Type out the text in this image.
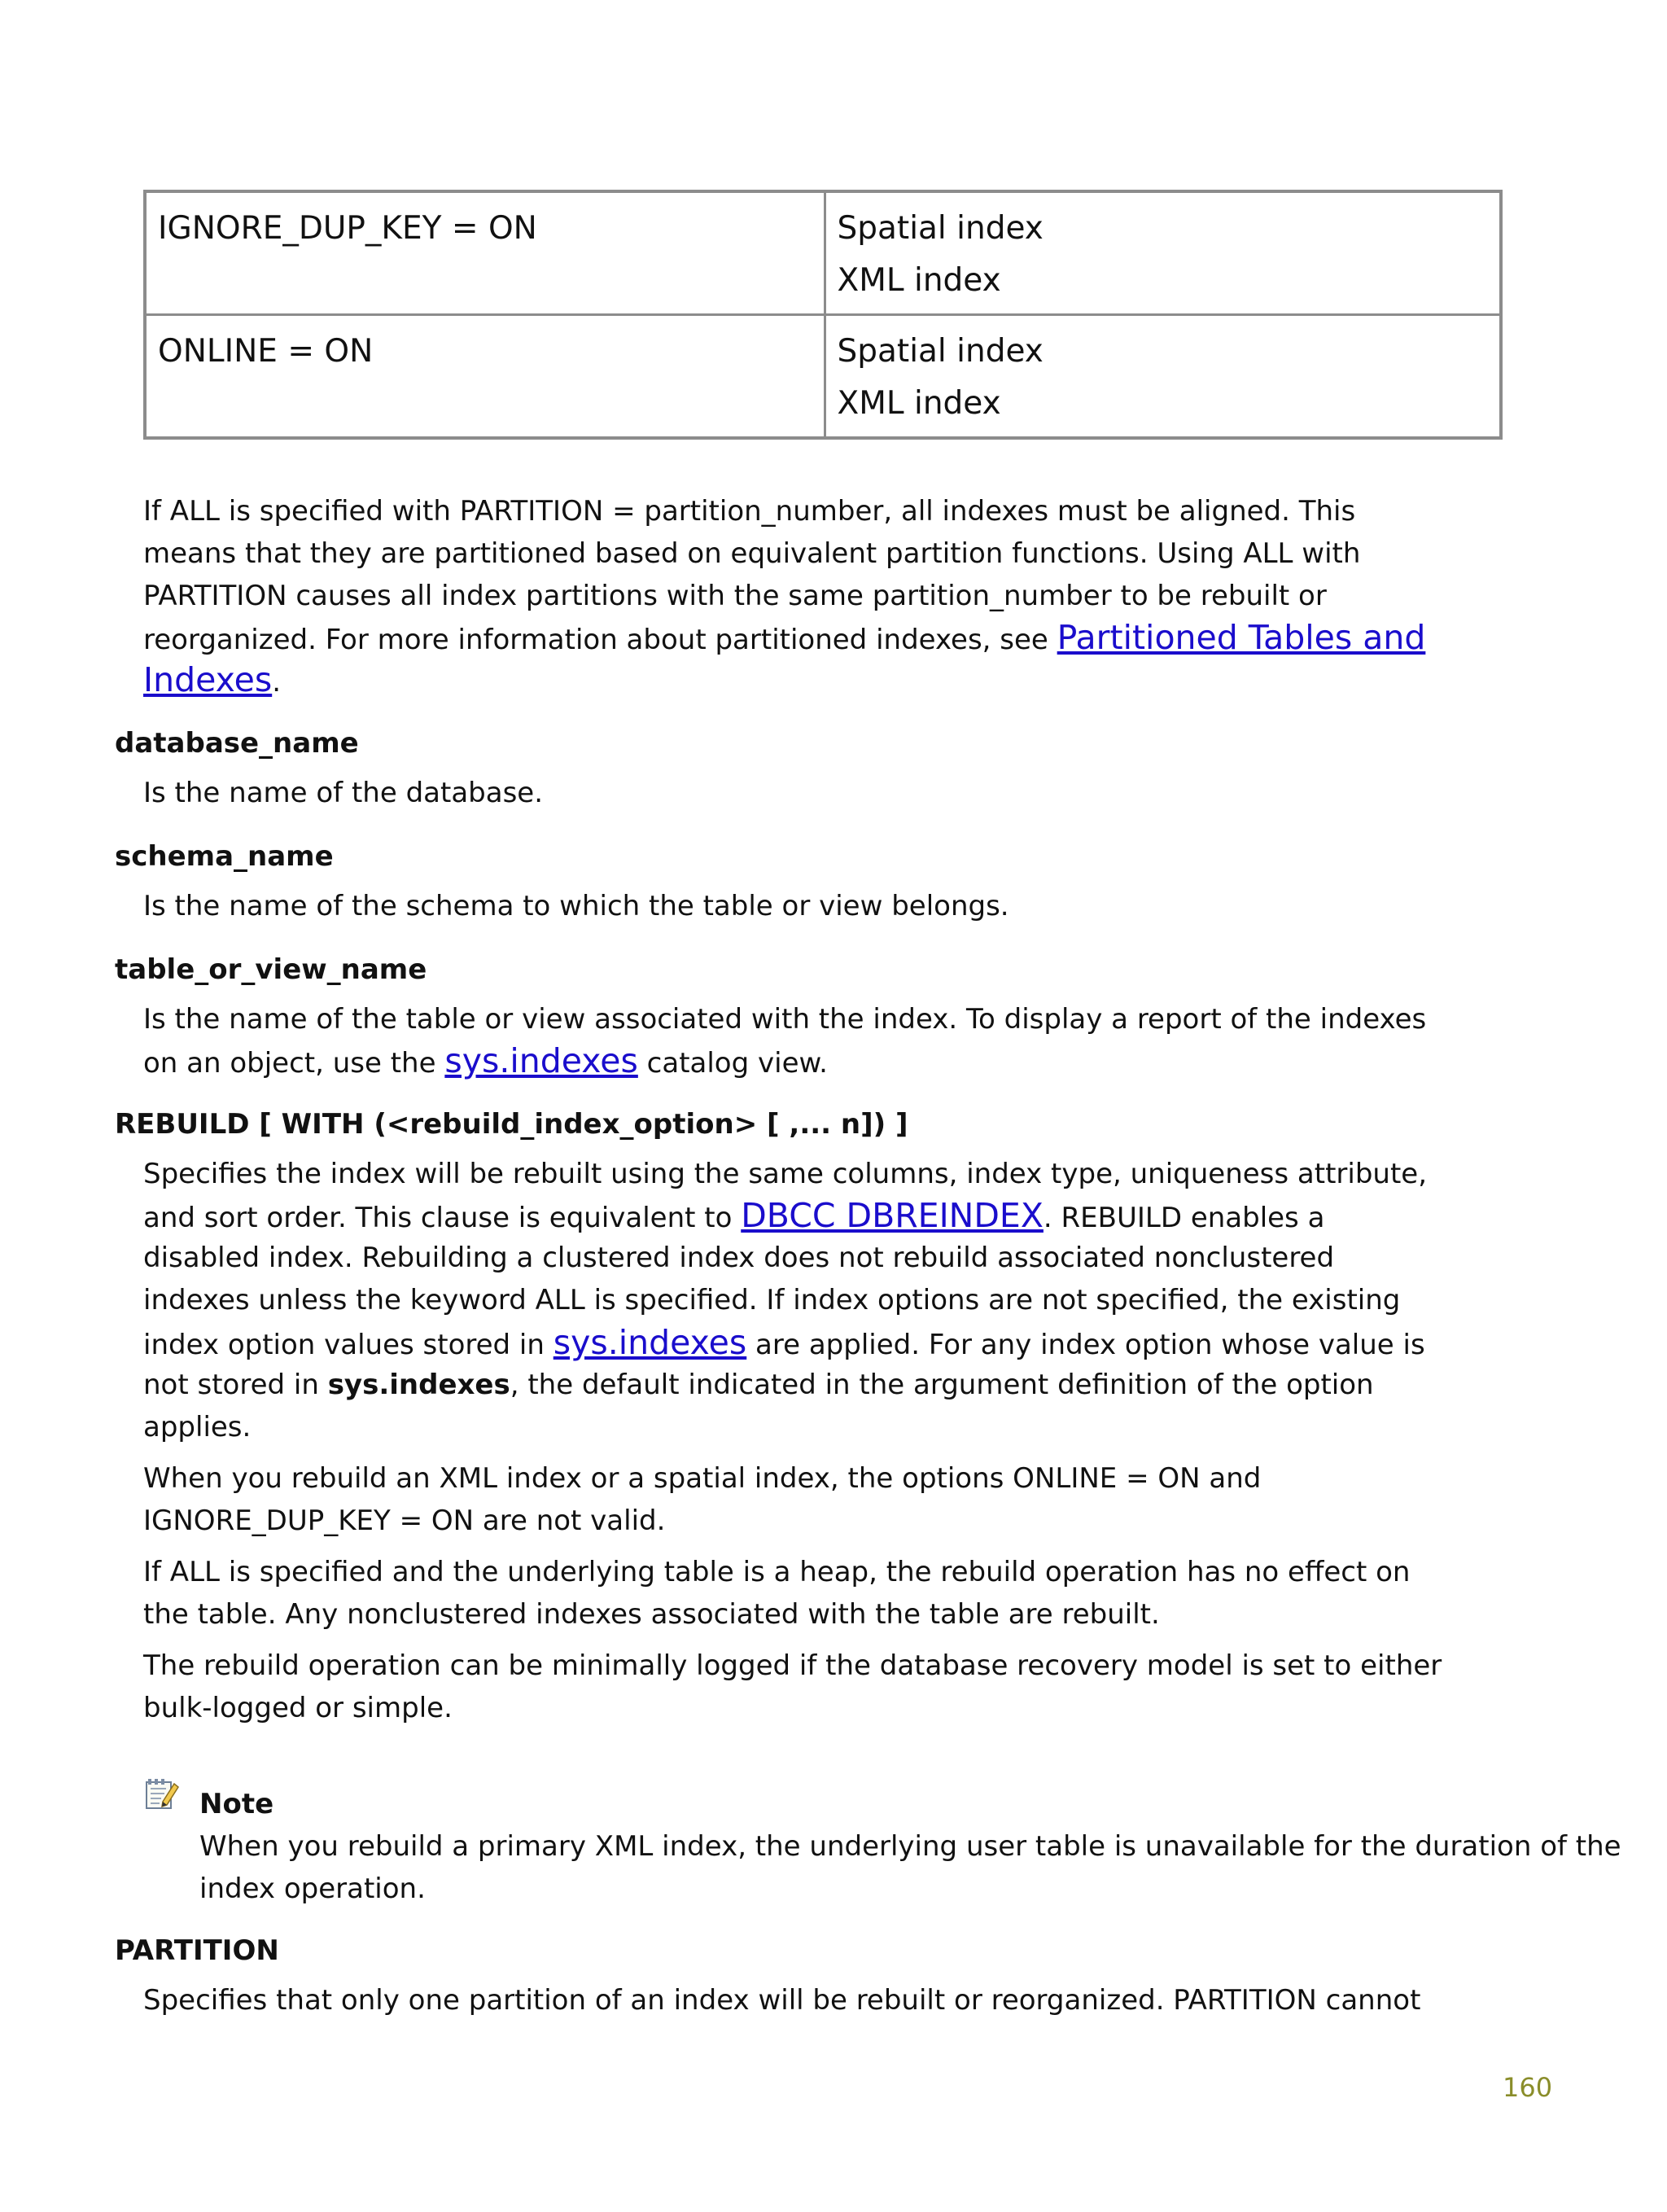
IGNORE_DUP_KEY = ON	Spatial index
XML index

ONLINE = ON	Spatial index
XML index
If ALL is specified with PARTITION = partition_number, all indexes must be aligned. This
means that they are partitioned based on equivalent partition functions. Using ALL with
PARTITION causes all index partitions with the same partition_number to be rebuilt or
reorganized. For more information about partitioned indexes, see Partitioned Tables and
Indexes.
database_name
Is the name of the database.
schema_name
Is the name of the schema to which the table or view belongs.
table_or_view_name
Is the name of the table or view associated with the index. To display a report of the indexes
on an object, use the sys.indexes catalog view.
REBUILD [ WITH (<rebuild_index_option> [ ,... n]) ]
Specifies the index will be rebuilt using the same columns, index type, uniqueness attribute,
and sort order. This clause is equivalent to DBCC DBREINDEX. REBUILD enables a
disabled index. Rebuilding a clustered index does not rebuild associated nonclustered
indexes unless the keyword ALL is specified. If index options are not specified, the existing
index option values stored in sys.indexes are applied. For any index option whose value is
not stored in sys.indexes, the default indicated in the argument definition of the option
applies.
When you rebuild an XML index or a spatial index, the options ONLINE = ON and
IGNORE_DUP_KEY = ON are not valid.
If ALL is specified and the underlying table is a heap, the rebuild operation has no effect on
the table. Any nonclustered indexes associated with the table are rebuilt.
The rebuild operation can be minimally logged if the database recovery model is set to either
bulk-logged or simple.
Note
When you rebuild a primary XML index, the underlying user table is unavailable for the duration of the
index operation.
PARTITION
Specifies that only one partition of an index will be rebuilt or reorganized. PARTITION cannot
160
